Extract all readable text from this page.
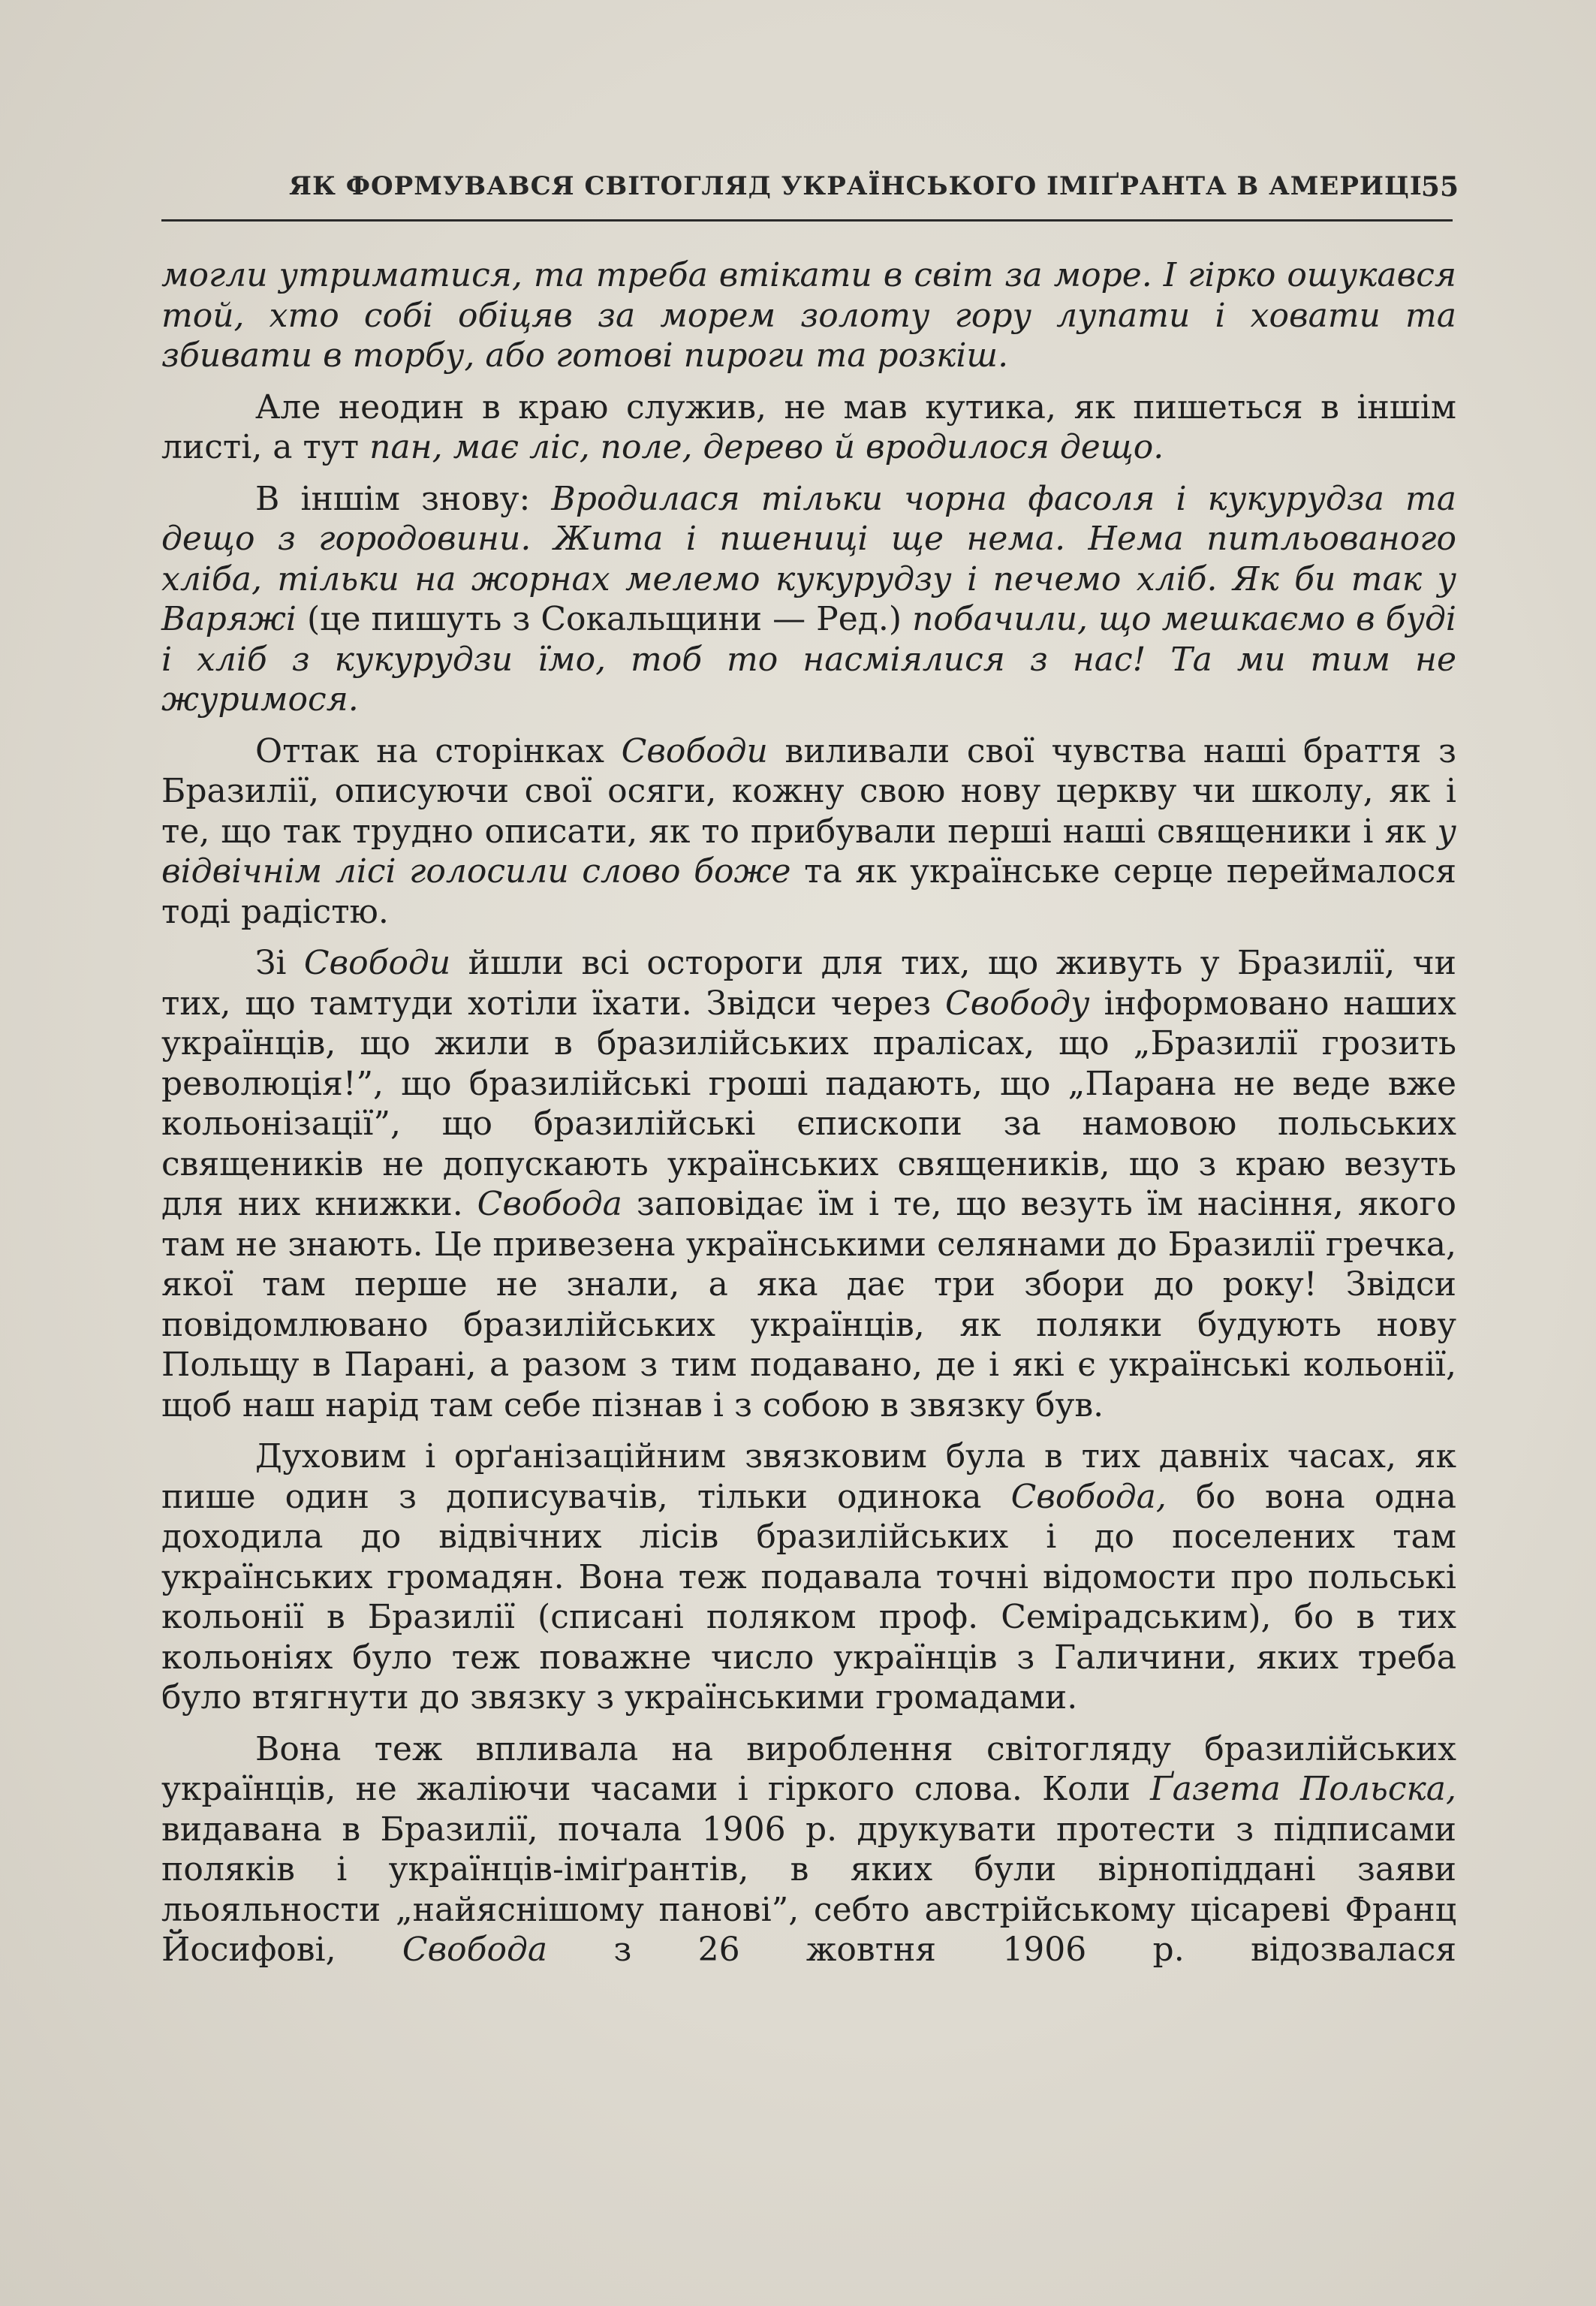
ЯК ФОРМУВАВСЯ СВІТОГЛЯД УКРАЇНСЬКОГО ІМІҐРАНТА В АМЕРИЦІ
55

могли утриматися, та треба втікати в світ за море. І гірко ошукався той, хто собі обіцяв за морем золоту гору лупати і ховати та збивати в торбу, або готові пироги та розкіш.

Але неодин в краю служив, не мав кутика, як пишеться в іншім листі, а тут пан, має ліс, поле, дерево й вродилося дещо.

В іншім знову: Вродилася тільки чорна фасоля і кукурудза та дещо з городовини. Жита і пшениці ще нема. Нема питльованого хліба, тільки на жорнах мелемо кукурудзу і печемо хліб. Як би так у Варяжі (це пишуть з Сокальщини — Ред.) побачили, що мешкаємо в буді і хліб з кукурудзи їмо, тоб то насміялися з нас! Та ми тим не журимося.

Оттак на сторінках Свободи виливали свої чувства наші браття з Бразилії, описуючи свої осяги, кожну свою нову церкву чи школу, як і те, що так трудно описати, як то прибували перші наші священики і як у відвічнім лісі голосили слово боже та як українське серце переймалося тоді радістю.

Зі Свободи йшли всі остороги для тих, що живуть у Бразилії, чи тих, що тамтуди хотіли їхати. Звідси через Свободу інформовано наших українців, що жили в бразилійських пралісах, що „Бразилії грозить революція!”, що бразилійські гроші падають, що „Парана не веде вже кольонізації”, що бразилійські єпископи за намовою польських священиків не допускають українських священиків, що з краю везуть для них книжки. Свобода заповідає їм і те, що везуть їм насіння, якого там не знають. Це привезена українськими селянами до Бразилії гречка, якої там перше не знали, а яка дає три збори до року! Звідси повідомлювано бразилійських українців, як поляки будують нову Польщу в Парані, а разом з тим подавано, де і які є українські кольонії, щоб наш нарід там себе пізнав і з собою в звязку був.

Духовим і орґанізаційним звязковим була в тих давніх часах, як пише один з дописувачів, тільки одинока Свобода, бо вона одна доходила до відвічних лісів бразилійських і до поселених там українських громадян. Вона теж подавала точні відомости про польські кольонії в Бразилії (списані поляком проф. Семірадським), бо в тих кольоніях було теж поважне число українців з Галичини, яких треба було втягнути до звязку з українськими громадами.

Вона теж впливала на вироблення світогляду бразилійських українців, не жаліючи часами і гіркого слова. Коли Ґазета Польска, видавана в Бразилії, почала 1906 р. друкувати протести з підписами поляків і українців-іміґрантів, в яких були вірнопіддані заяви льояльности „найяснішому панові”, себто австрійському цісареві Франц Йосифові, Свобода з 26 жовтня 1906 р. відозвалася
